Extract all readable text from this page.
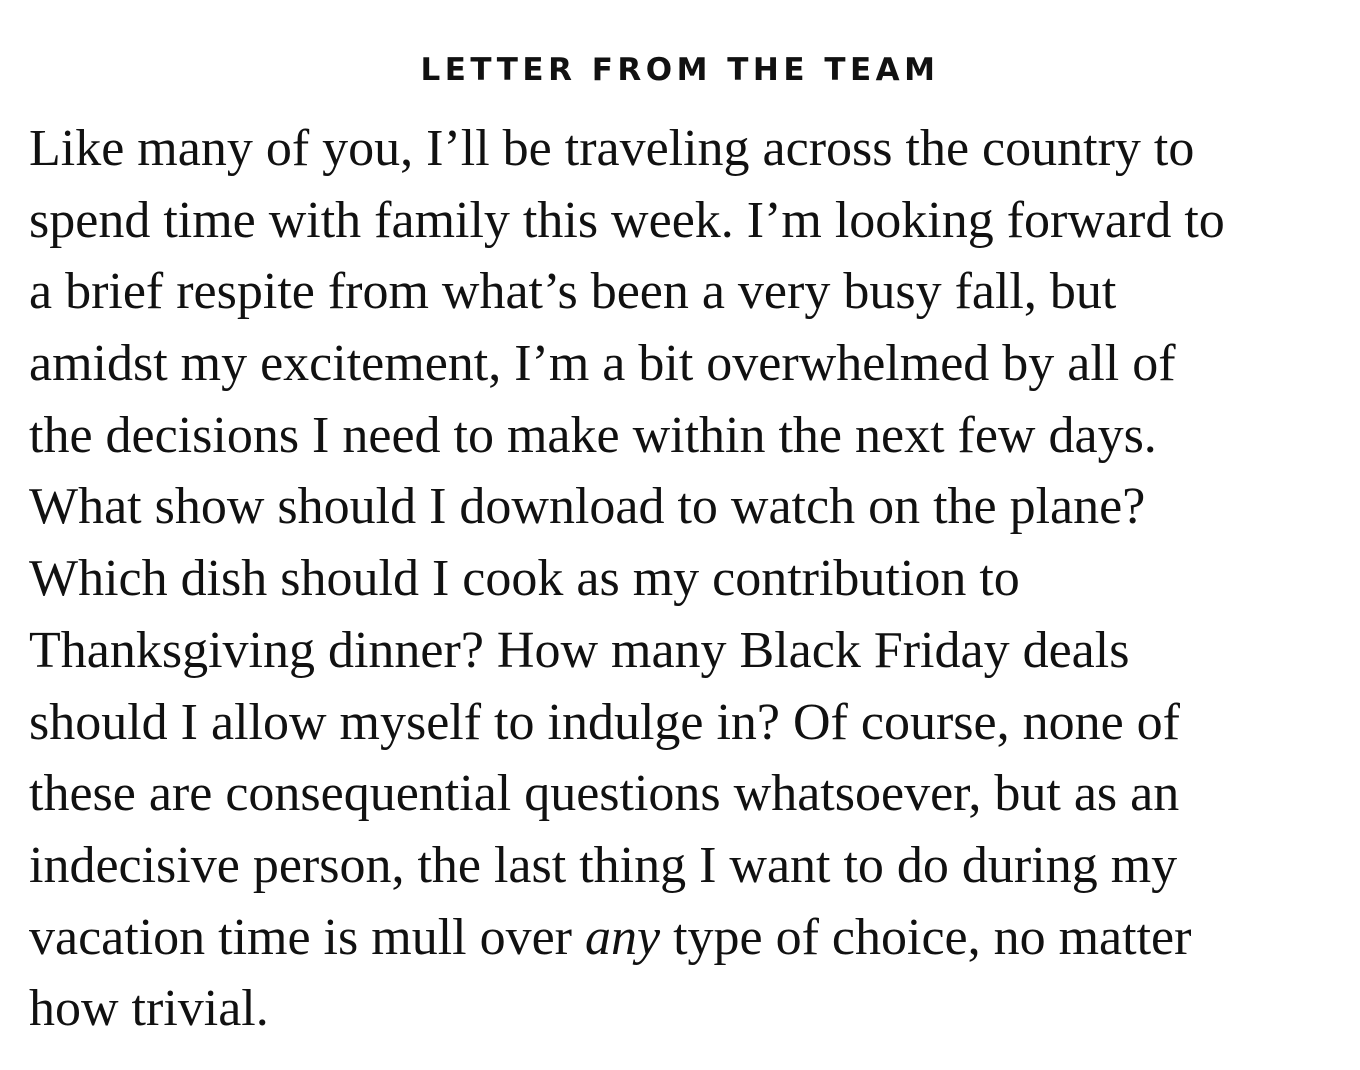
LETTER FROM THE TEAM

Like many of you, I’ll be traveling across the country to
spend time with family this week. I’m looking forward to
a brief respite from what’s been a very busy fall, but
amidst my excitement, I’m a bit overwhelmed by all of
the decisions I need to make within the next few days.
What show should I download to watch on the plane?
Which dish should I cook as my contribution to
Thanksgiving dinner? How many Black Friday deals
should I allow myself to indulge in? Of course, none of
these are consequential questions whatsoever, but as an
indecisive person, the last thing I want to do during my
vacation time is mull over any type of choice, no matter
how trivial.
